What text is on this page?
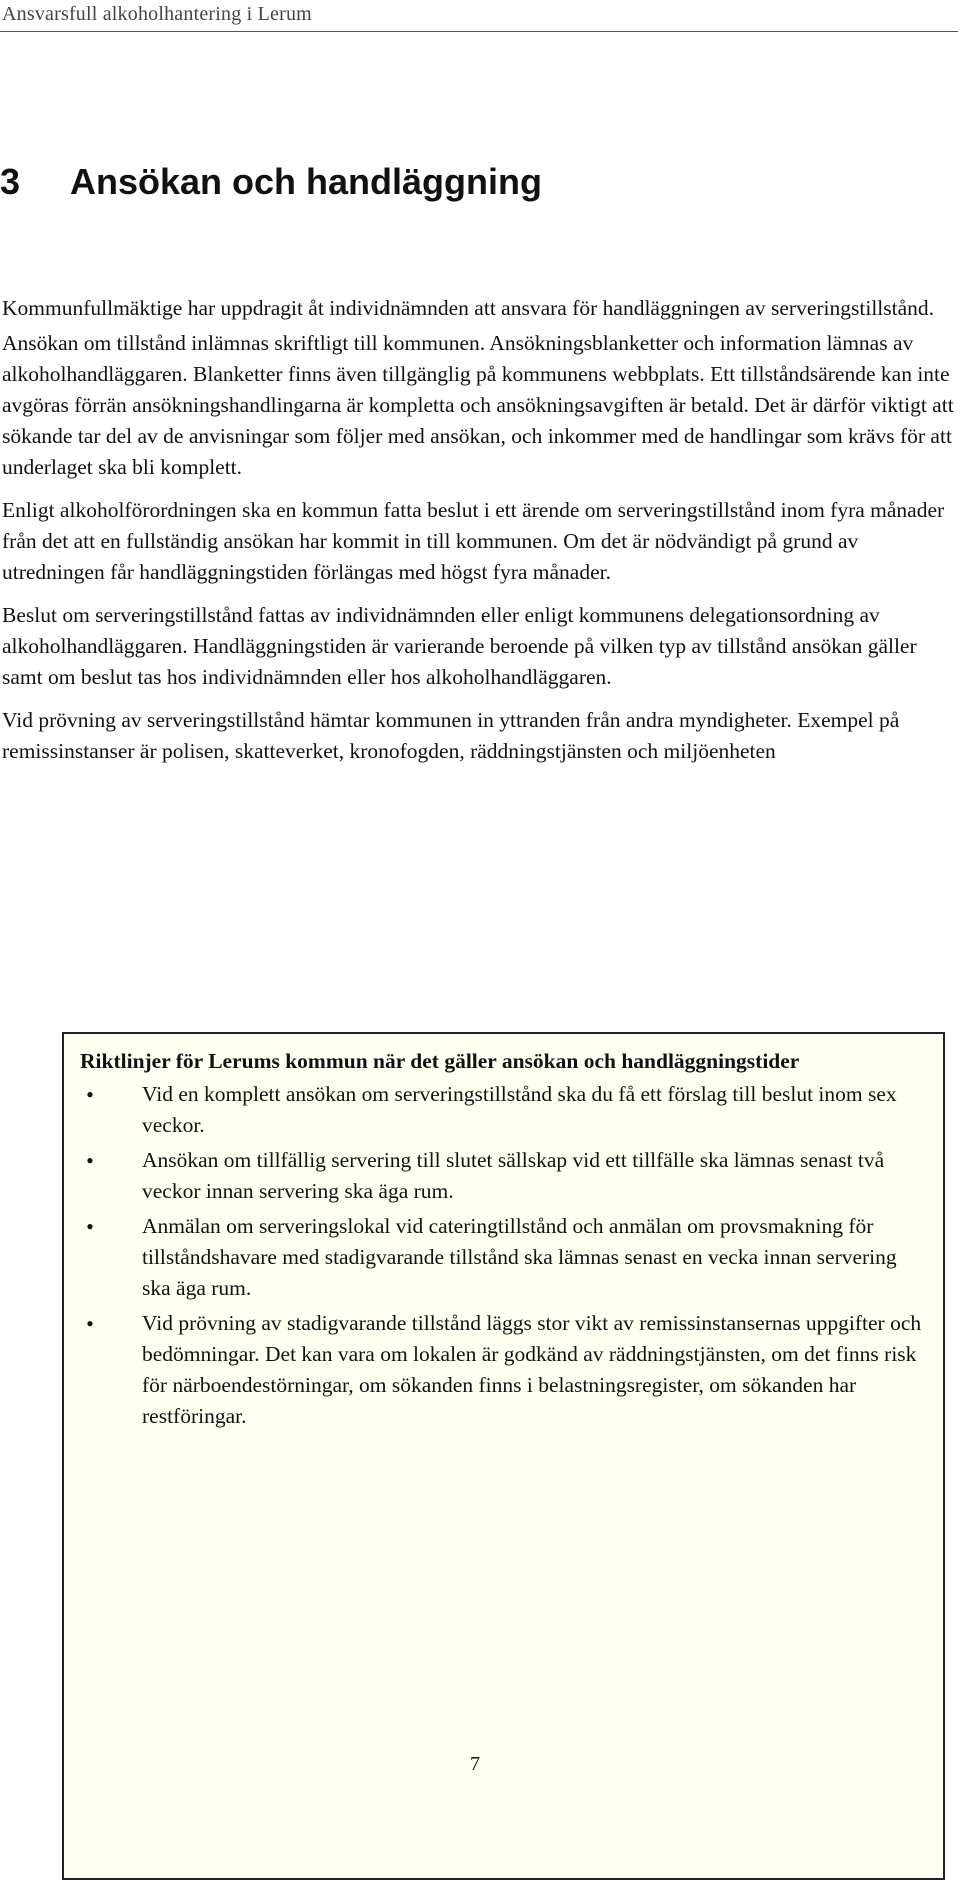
Ansvarsfull alkoholhantering i Lerum
3 Ansökan och handläggning

Kommunfullmäktige har uppdragit åt individnämnden att ansvara för handläggningen av serveringstillstånd.

Ansökan om tillstånd inlämnas skriftligt till kommunen. Ansökningsblanketter och information lämnas av alkoholhandläggaren. Blanketter finns även tillgänglig på kommunens webbplats. Ett tillståndsärende kan inte avgöras förrän ansökningshandlingarna är kompletta och ansökningsavgiften är betald. Det är därför viktigt att sökande tar del av de anvisningar som följer med ansökan, och inkommer med de handlingar som krävs för att underlaget ska bli komplett.

Enligt alkoholförordningen ska en kommun fatta beslut i ett ärende om serveringstillstånd inom fyra månader från det att en fullständig ansökan har kommit in till kommunen. Om det är nödvändigt på grund av utredningen får handläggningstiden förlängas med högst fyra månader.

Beslut om serveringstillstånd fattas av individnämnden eller enligt kommunens delegationsordning av alkoholhandläggaren. Handläggningstiden är varierande beroende på vilken typ av tillstånd ansökan gäller samt om beslut tas hos individnämnden eller hos alkoholhandläggaren.

Vid prövning av serveringstillstånd hämtar kommunen in yttranden från andra myndigheter. Exempel på remissinstanser är polisen, skatteverket, kronofogden, räddningstjänsten och miljöenheten

Riktlinjer för Lerums kommun när det gäller ansökan och handläggningstider
• Vid en komplett ansökan om serveringstillstånd ska du få ett förslag till beslut inom sex veckor.
• Ansökan om tillfällig servering till slutet sällskap vid ett tillfälle ska lämnas senast två veckor innan servering ska äga rum.
• Anmälan om serveringslokal vid cateringtillstånd och anmälan om provsmakning för tillståndshavare med stadigvarande tillstånd ska lämnas senast en vecka innan servering ska äga rum.
• Vid prövning av stadigvarande tillstånd läggs stor vikt av remissinstansernas uppgifter och bedömningar. Det kan vara om lokalen är godkänd av räddningstjänsten, om det finns risk för närboendestörningar, om sökanden finns i belastningsregister, om sökanden har restföringar.
7
